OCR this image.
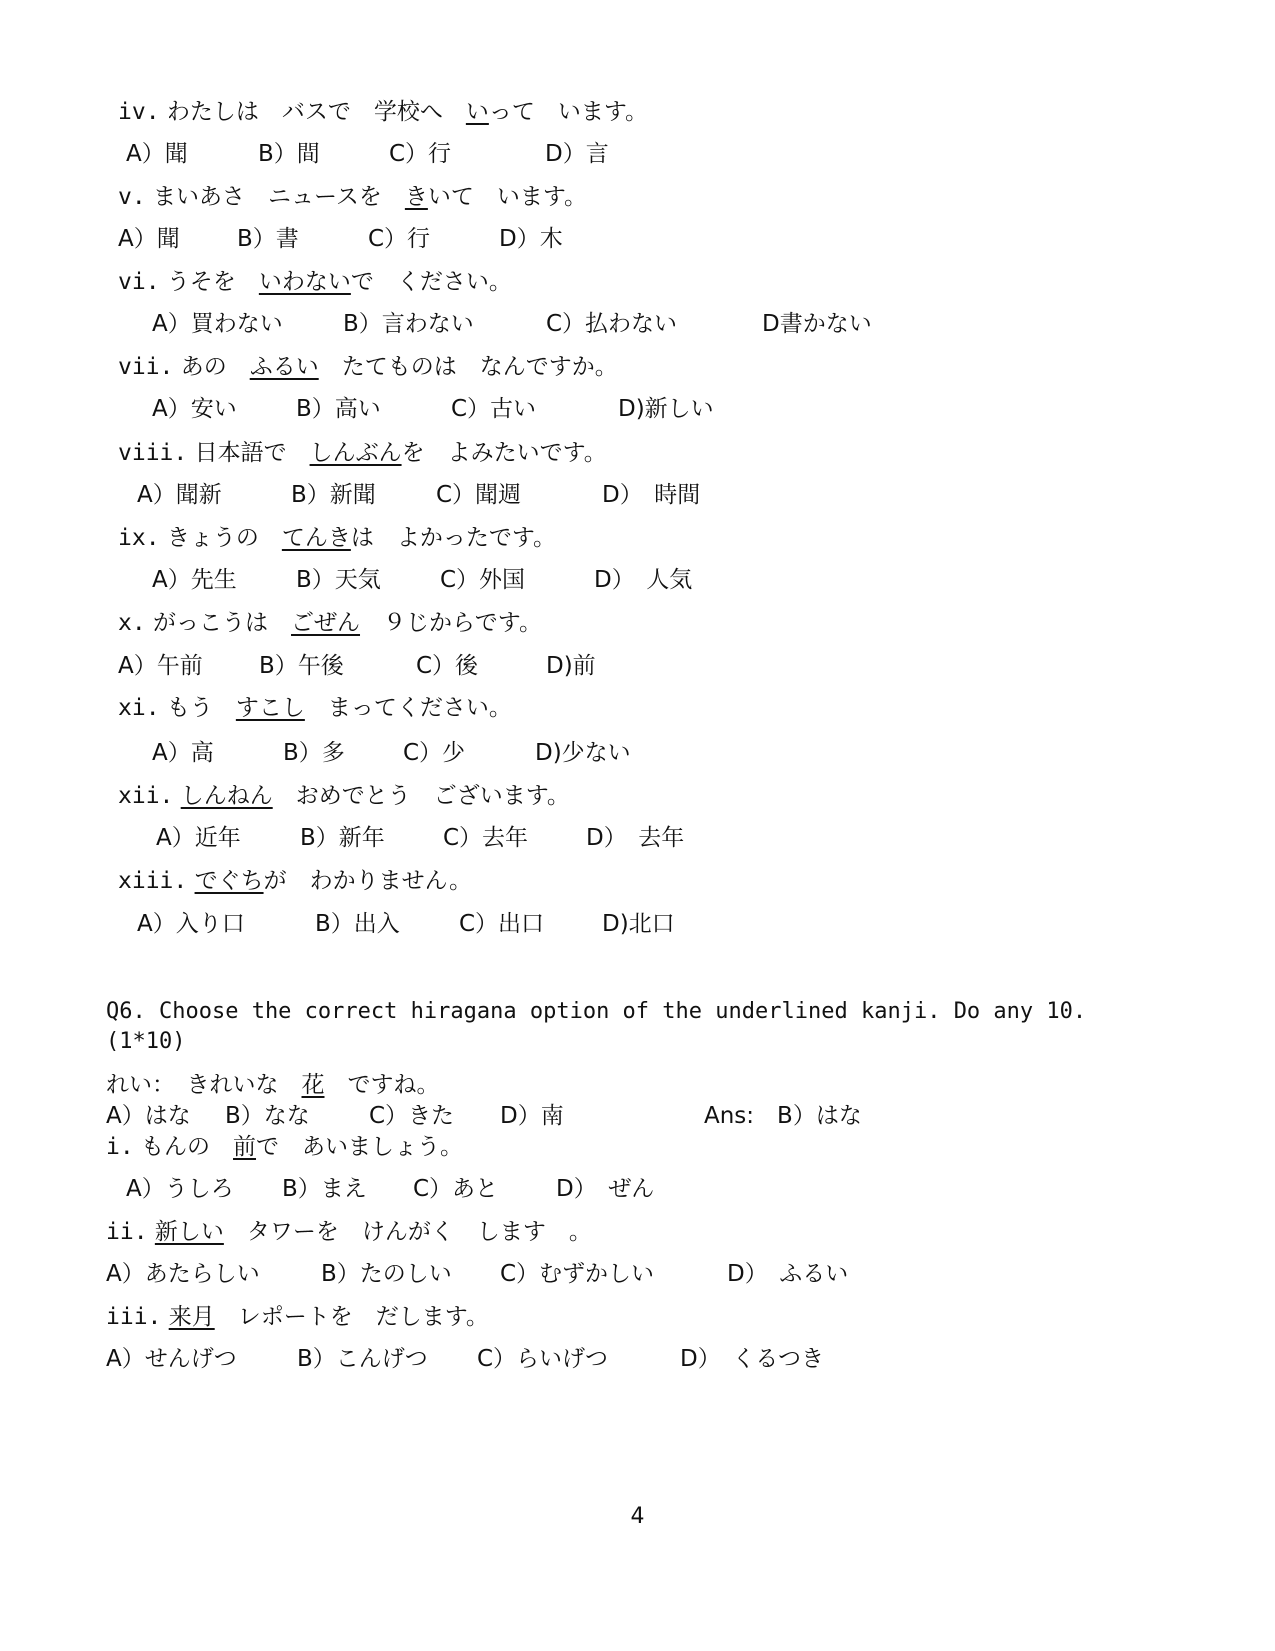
iv. わたしは　バスで　学校へ　いって　います。
A）聞	B）間	C）行	D）言
v. まいあさ　ニュースを　きいて　います。
A）聞 B）書	C）行	D）木
vi. うそを　いわないで　ください。
A）買わない	B）言わない	C）払わない	D書かない
vii. あの　ふるい　たてものは　なんですか。
A）安い	B）高い	C）古い	D)新しい
viii. 日本語で　しんぶんを　よみたいです。
A）聞新	B）新聞	C）聞週	D）　時間
ix. きょうの　てんきは　よかったです。
A）先生	B）天気	C）外国	D）　人気
x. がっこうは　ごぜん　９じからです。
A）午前 B）午後	C）後	D)前
xi. もう　すこし　まってください。
A）高	B）多	C）少	D)少ない
xii. しんねん　おめでとう　ございます。
A）近年	B）新年	C）去年	D）　去年
xiii. でぐちが　わかりません。
A）入り口	B）出入	C）出口	D)北口
Q6. Choose the correct hiragana option of the underlined kanji. Do any 10.
(1*10)
れい：　きれいな　花　ですね。
A）はな B）なな	C）きた D）南	Ans:　B）はな
i. もんの　前で　あいましょう。
A）うしろ B）まえ C）あと	D）　ぜん
ii. 新しい　タワーを　けんがく　します　。
A）あたらしい	B）たのしい C）むずかしい	D）　ふるい
iii. 来月　レポートを　だします。
A）せんげつ	B）こんげつ C）らいげつ	D）　くるつき
4
